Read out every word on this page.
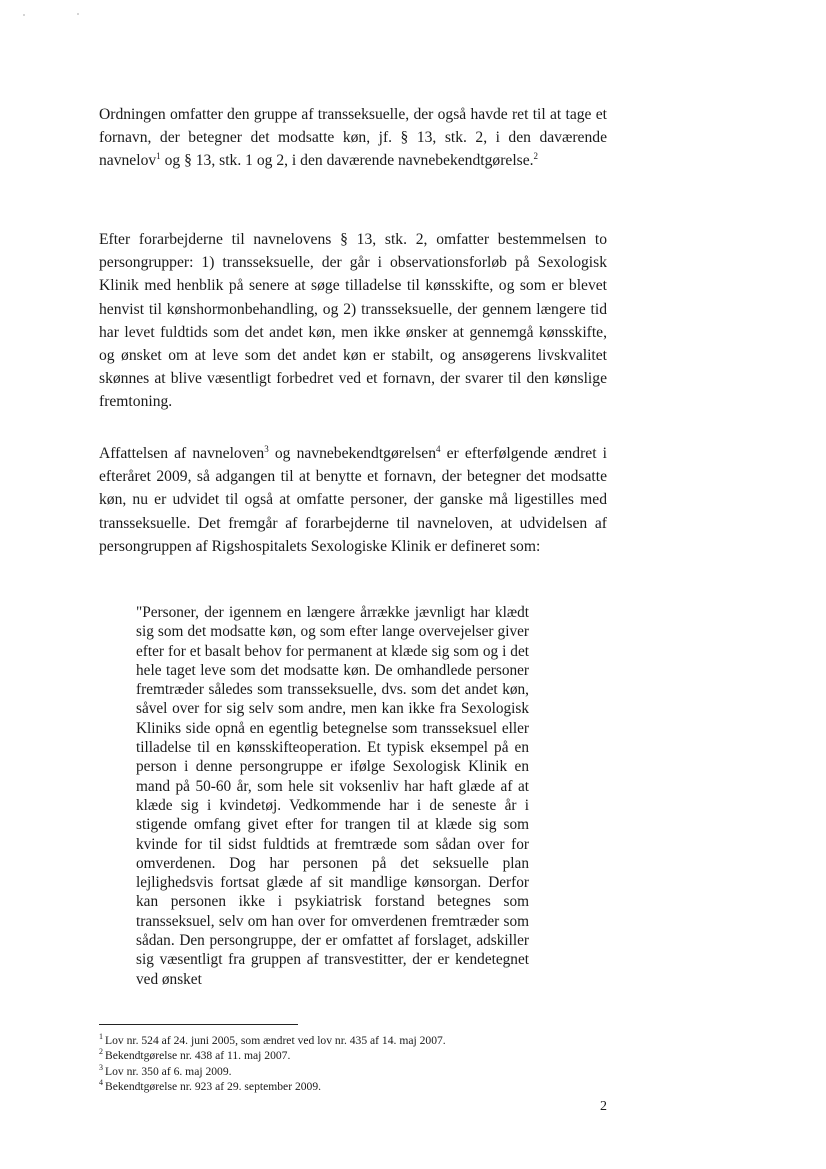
Ordningen omfatter den gruppe af transseksuelle, der også havde ret til at tage et fornavn, der betegner det modsatte køn, jf. § 13, stk. 2, i den daværende navnelov$^1$ og § 13, stk. 1 og 2, i den daværende navnebekendtgørelse.$^2$

Efter forarbejderne til navnelovens § 13, stk. 2, omfatter bestemmelsen to persongrupper: 1) transseksuelle, der går i observationsforløb på Sexologisk Klinik med henblik på senere at søge tilladelse til kønsskifte, og som er blevet henvist til kønshormonbehandling, og 2) transseksuelle, der gennem længere tid har levet fuldtids som det andet køn, men ikke ønsker at gennemgå kønsskifte, og ønsket om at leve som det andet køn er stabilt, og ansøgerens livskvalitet skønnes at blive væsentligt forbedret ved et fornavn, der svarer til den kønslige fremtoning.

Affattelsen af navneloven$^3$ og navnebekendtgørelsen$^4$ er efterfølgende ændret i efteråret 2009, så adgangen til at benytte et fornavn, der betegner det modsatte køn, nu er udvidet til også at omfatte personer, der ganske må ligestilles med transseksuelle. Det fremgår af forarbejderne til navneloven, at udvidelsen af persongruppen af Rigshospitalets Sexologiske Klinik er defineret som:

"Personer, der igennem en længere årrække jævnligt har klædt sig som det modsatte køn, og som efter lange overvejelser giver efter for et basalt behov for permanent at klæde sig som og i det hele taget leve som det modsatte køn. De omhandlede personer fremtræder således som transseksuelle, dvs. som det andet køn, såvel over for sig selv som andre, men kan ikke fra Sexologisk Kliniks side opnå en egentlig betegnelse som transseksuel eller tilladelse til en kønsskifteoperation. Et typisk eksempel på en person i denne persongruppe er ifølge Sexologisk Klinik en mand på 50-60 år, som hele sit voksenliv har haft glæde af at klæde sig i kvindetøj. Vedkommende har i de seneste år i stigende omfang givet efter for trangen til at klæde sig som kvinde for til sidst fuldtids at fremtræde som sådan over for omverdenen. Dog har personen på det seksuelle plan lejlighedsvis fortsat glæde af sit mandlige kønsorgan. Derfor kan personen ikke i psykiatrisk forstand betegnes som transseksuel, selv om han over for omverdenen fremtræder som sådan. Den persongruppe, der er omfattet af forslaget, adskiller sig væsentligt fra gruppen af transvestitter, der er kendetegnet ved ønsket

$^1$ Lov nr. 524 af 24. juni 2005, som ændret ved lov nr. 435 af 14. maj 2007.
$^2$ Bekendtgørelse nr. 438 af 11. maj 2007.
$^3$ Lov nr. 350 af 6. maj 2009.
$^4$ Bekendtgørelse nr. 923 af 29. september 2009.
2
